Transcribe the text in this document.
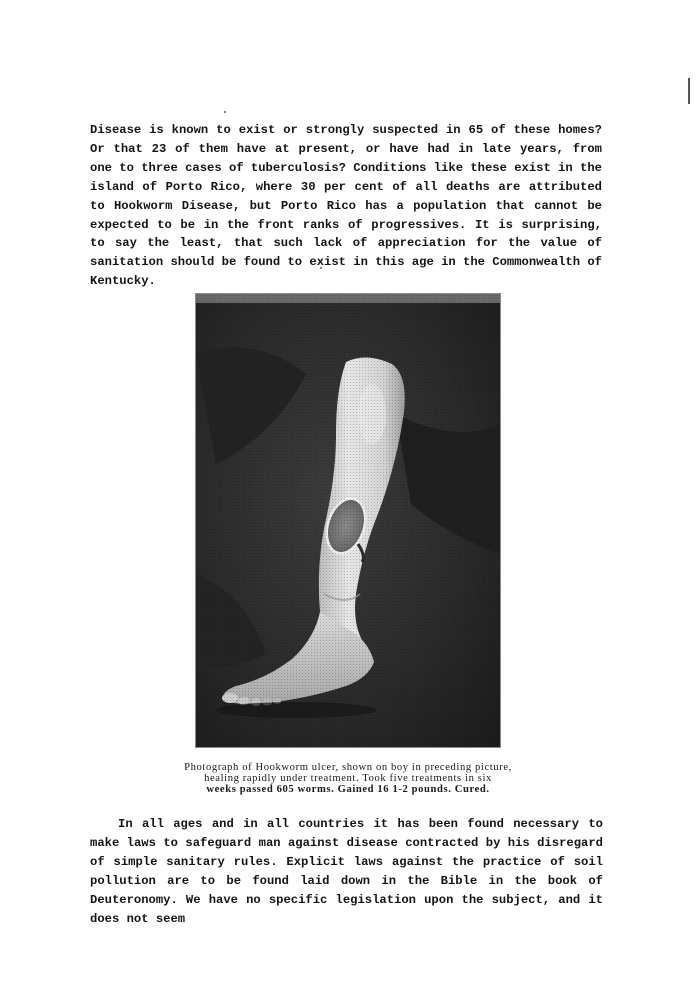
Disease is known to exist or strongly suspected in 65 of these homes? Or that 23 of them have at present, or have had in late years, from one to three cases of tuberculosis? Conditions like these exist in the island of Porto Rico, where 30 per cent of all deaths are attributed to Hookworm Disease, but Porto Rico has a population that cannot be expected to be in the front ranks of progressives. It is surprising, to say the least, that such lack of appreciation for the value of sanitation should be found to exist in this age in the Commonwealth of Kentucky.

Photograph of Hookworm ulcer, shown on boy in preceding picture,
healing rapidly under treatment. Took five treatments in six
weeks passed 605 worms. Gained 16 1-2 pounds. Cured.

In all ages and in all countries it has been found necessary to make laws to safeguard man against disease contracted by his disregard of simple sanitary rules. Explicit laws against the practice of soil pollution are to be found laid down in the Bible in the book of Deuteronomy. We have no specific legislation upon the subject, and it does not seem
